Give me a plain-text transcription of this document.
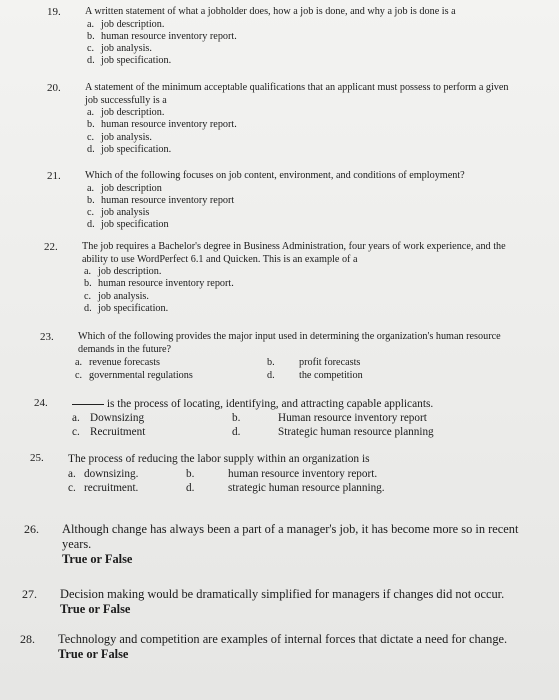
19. A written statement of what a jobholder does, how a job is done, and why a job is done is a
a. job description.
b. human resource inventory report.
c. job analysis.
d. job specification.
20. A statement of the minimum acceptable qualifications that an applicant must possess to perform a given job successfully is a
a. job description.
b. human resource inventory report.
c. job analysis.
d. job specification.
21. Which of the following focuses on job content, environment, and conditions of employment?
a. job description
b. human resource inventory report
c. job analysis
d. job specification
22. The job requires a Bachelor's degree in Business Administration, four years of work experience, and the ability to use WordPerfect 6.1 and Quicken. This is an example of a
a. job description.
b. human resource inventory report.
c. job analysis.
d. job specification.
23. Which of the following provides the major input used in determining the organization's human resource demands in the future?
a. revenue forecasts	b. profit forecasts
c. governmental regulations	d. the competition
24.	is the process of locating, identifying, and attracting capable applicants.
a. Downsizing	b.	Human resource inventory report
c. Recruitment	d.	Strategic human resource planning
25. The process of reducing the labor supply within an organization is
a. downsizing.	b.	human resource inventory report.
c. recruitment.	d.	strategic human resource planning.
26. Although change has always been a part of a manager's job, it has become more so in recent years.
True or False
27. Decision making would be dramatically simplified for managers if changes did not occur.
True or False
28. Technology and competition are examples of internal forces that dictate a need for change.
True or False
